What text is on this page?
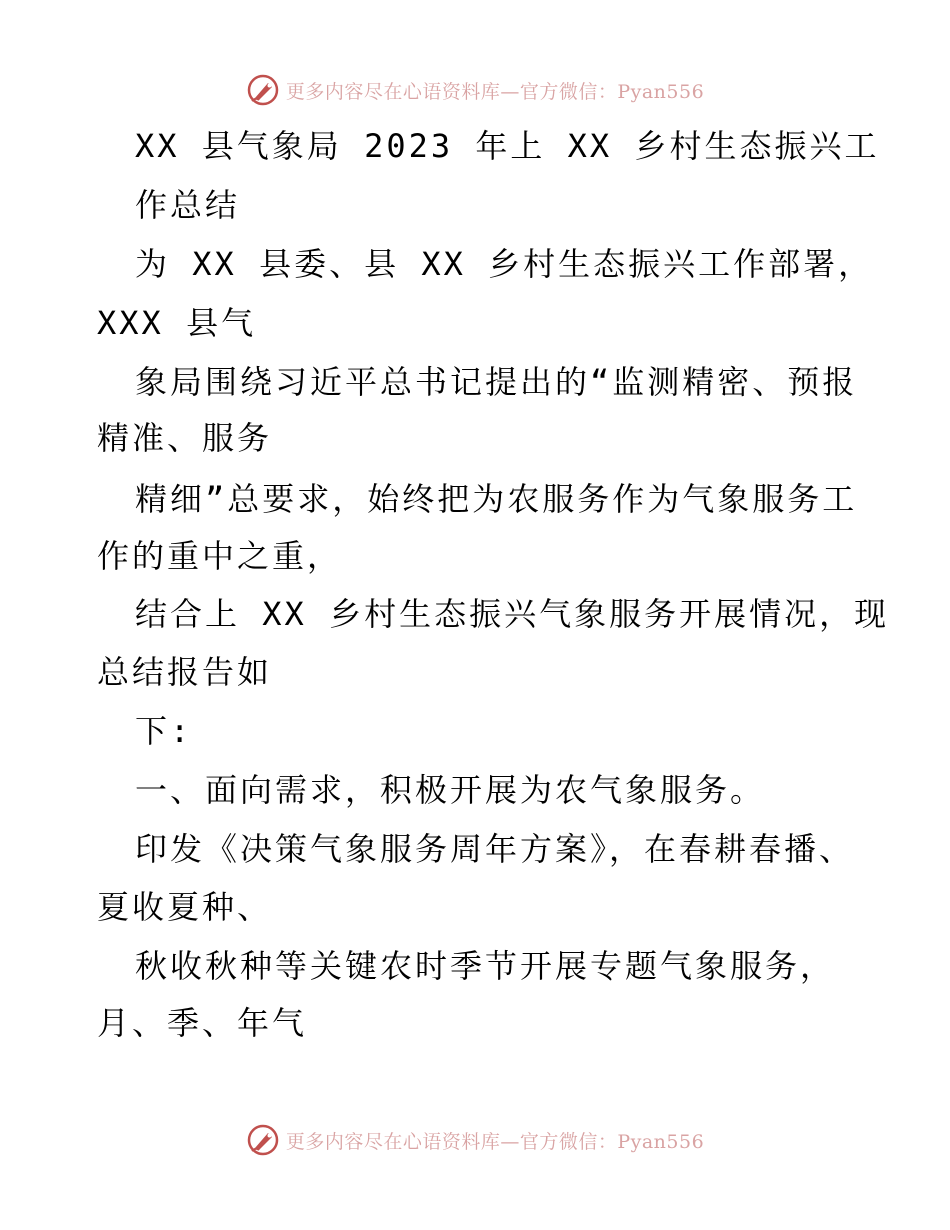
更多内容尽在心语资料库—官方微信：Pyan556
XX 县气象局 2023 年上 XX 乡村生态振兴工
作总结
为 XX 县委、县 XX 乡村生态振兴工作部署，
XXX 县气
象局围绕习近平总书记提出的“监测精密、预报
精准、服务
精细”总要求，始终把为农服务作为气象服务工
作的重中之重，
结合上 XX 乡村生态振兴气象服务开展情况，现
总结报告如
下:
一、面向需求，积极开展为农气象服务。
印发《决策气象服务周年方案》，在春耕春播、
夏收夏种、
秋收秋种等关键农时季节开展专题气象服务，
月、季、年气
更多内容尽在心语资料库—官方微信：Pyan556
